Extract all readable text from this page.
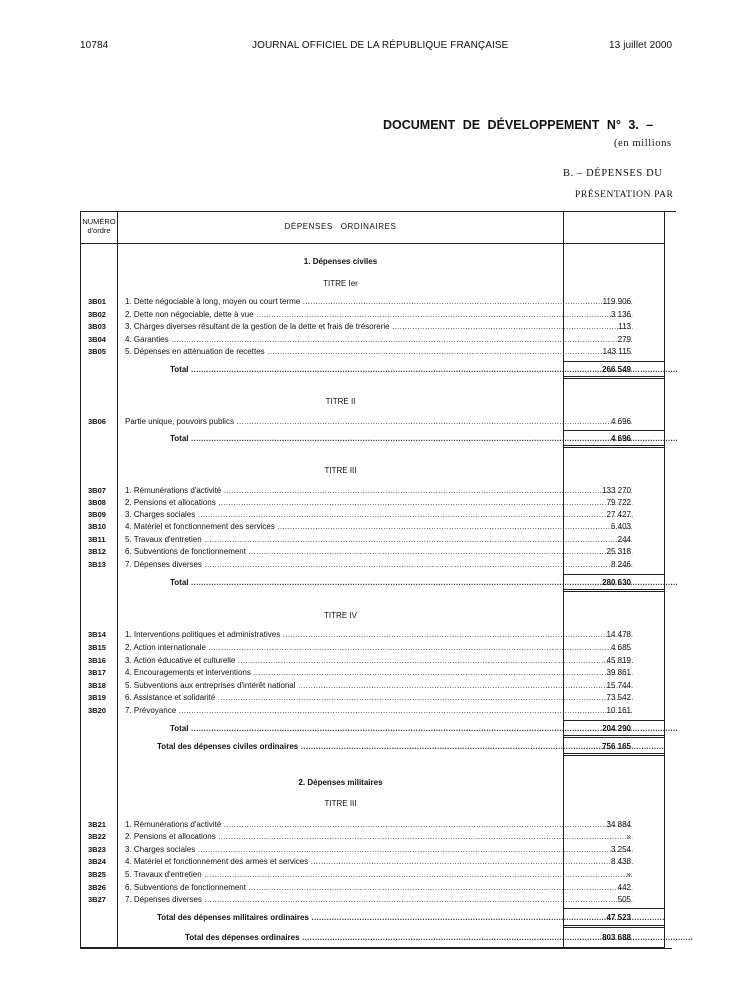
10784	JOURNAL OFFICIEL DE LA RÉPUBLIQUE FRANÇAISE	13 juillet 2000
DOCUMENT DE DÉVELOPPEMENT N° 3. –
(en millions
B. – DÉPENSES DU
PRÉSENTATION PAR
NUMÉRO
d'ordre	DÉPENSES ORDINAIRES
1. Dépenses civiles
TITRE Ier
3B01	1. Dette négociable à long, moyen ou court terme .....	119 906
3B02	2. Dette non négociable, dette à vue .....	3 136
3B03	3. Charges diverses résultant de la gestion de la dette et frais de trésorerie .....	113
3B04	4. Garanties .....	279
3B05	5. Dépenses en atténuation de recettes .....	143 115
Total .....	266 549
TITRE II
3B06	Partie unique, pouvoirs publics .....	4 696
Total .....	4 696
TITRE III
3B07	1. Rémunérations d'activité .....	133 270
3B08	2. Pensions et allocations .....	79 722
3B09	3. Charges sociales .....	27 427
3B10	4. Matériel et fonctionnement des services .....	6 403
3B11	5. Travaux d'entretien .....	244
3B12	6. Subventions de fonctionnement .....	25 318
3B13	7. Dépenses diverses .....	8 246
Total .....	280 630
TITRE IV
3B14	1. Interventions politiques et administratives .....	14 478
3B15	2. Action internationale .....	4 685
3B16	3. Action éducative et culturelle .....	45 819
3B17	4. Encouragements et interventions .....	39 861
3B18	5. Subventions aux entreprises d'intérêt national .....	15 744
3B19	6. Assistance et solidarité .....	73 542
3B20	7. Prévoyance .....	10 161
Total .....	204 290
Total des dépenses civiles ordinaires .....	756 165
2. Dépenses militaires
TITRE III
3B21	1. Rémunérations d'activité .....	34 884
3B22	2. Pensions et allocations .....	»
3B23	3. Charges sociales .....	3 254
3B24	4. Matériel et fonctionnement des armes et services .....	8 438
3B25	5. Travaux d'entretien .....	»
3B26	6. Subventions de fonctionnement .....	442
3B27	7. Dépenses diverses .....	505
Total des dépenses militaires ordinaires .....	47 523
Total des dépenses ordinaires .....	803 688
